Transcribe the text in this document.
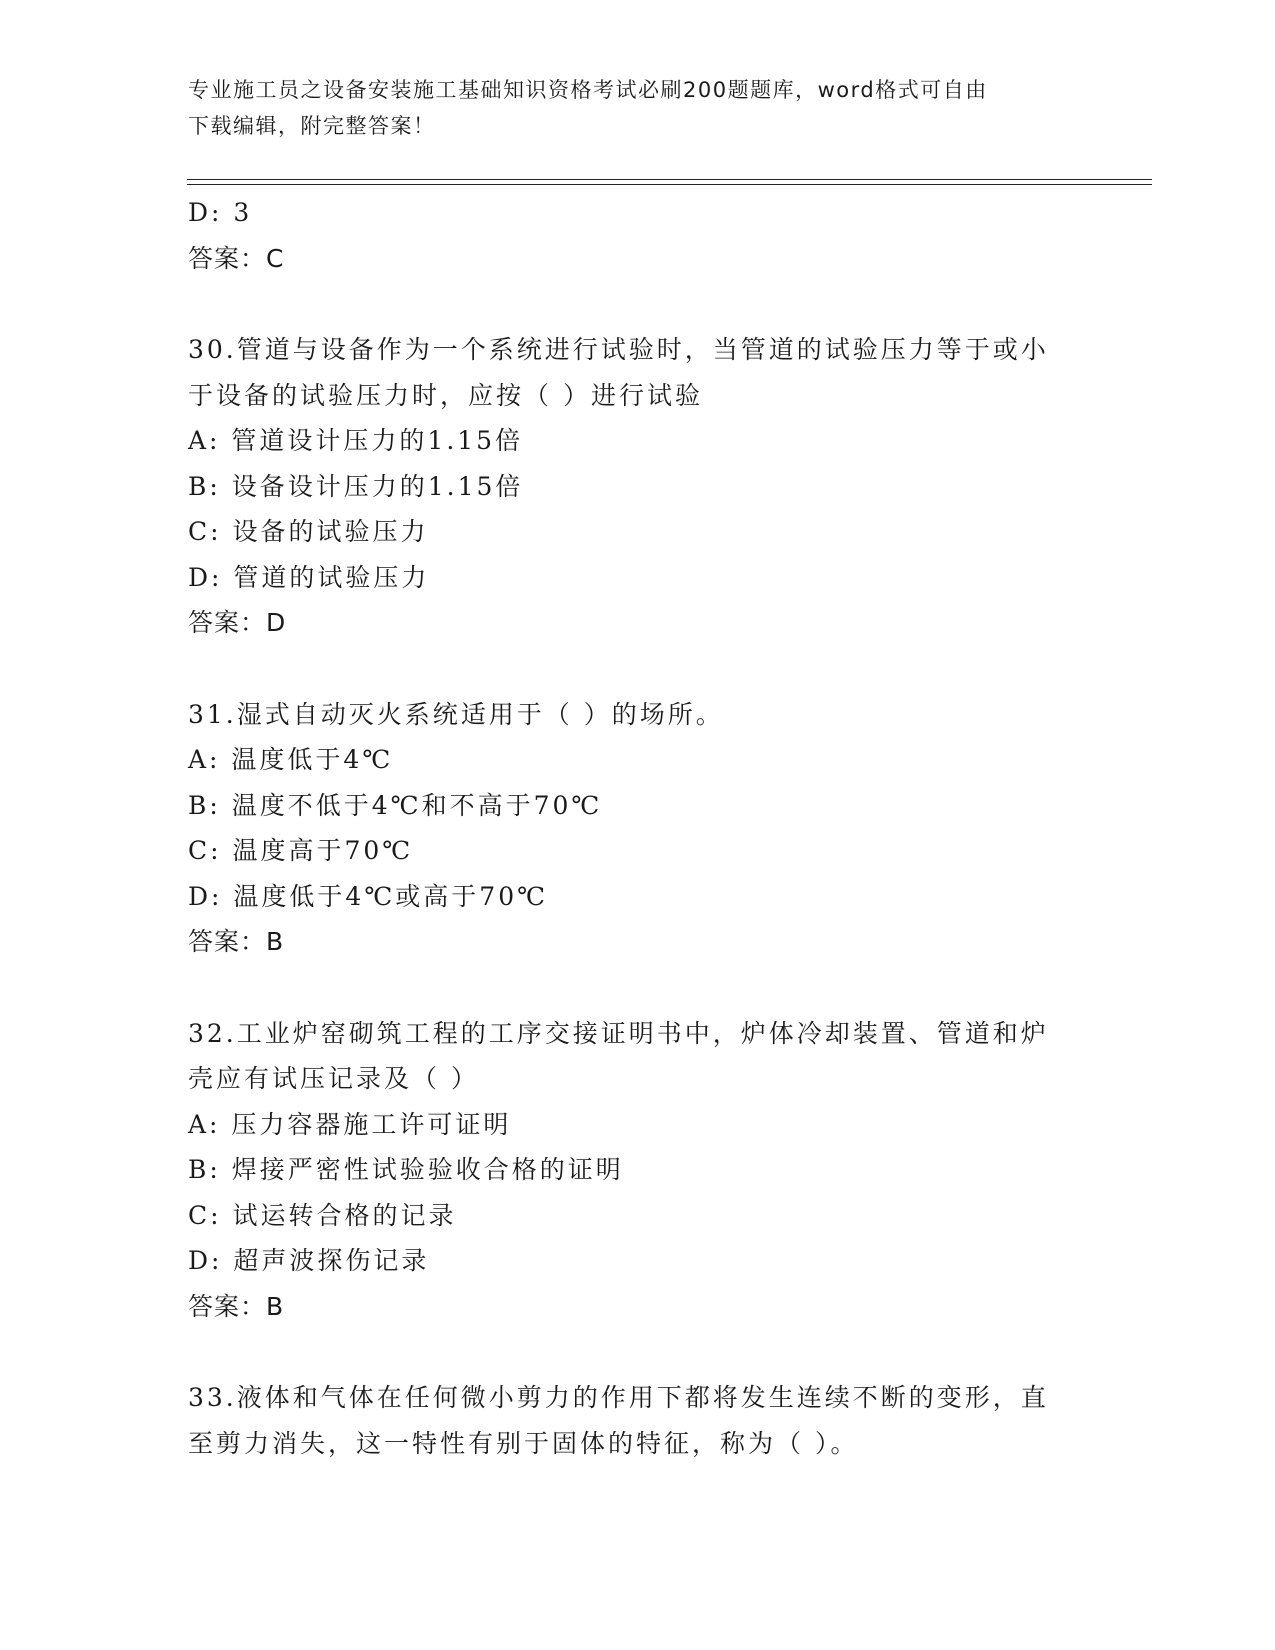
专业施工员之设备安装施工基础知识资格考试必刷200题题库，word格式可自由
下载编辑，附完整答案！
D: 3
答案：C
30.管道与设备作为一个系统进行试验时，当管道的试验压力等于或小
于设备的试验压力时，应按（ ）进行试验
A: 管道设计压力的1.15倍
B: 设备设计压力的1.15倍
C: 设备的试验压力
D: 管道的试验压力
答案：D
31.湿式自动灭火系统适用于（ ）的场所。
A: 温度低于4℃
B: 温度不低于4℃和不高于70℃
C: 温度高于70℃
D: 温度低于4℃或高于70℃
答案：B
32.工业炉窑砌筑工程的工序交接证明书中，炉体冷却装置、管道和炉
壳应有试压记录及（ ）
A: 压力容器施工许可证明
B: 焊接严密性试验验收合格的证明
C: 试运转合格的记录
D: 超声波探伤记录
答案：B
33.液体和气体在任何微小剪力的作用下都将发生连续不断的变形，直
至剪力消失，这一特性有别于固体的特征，称为（ ）。
